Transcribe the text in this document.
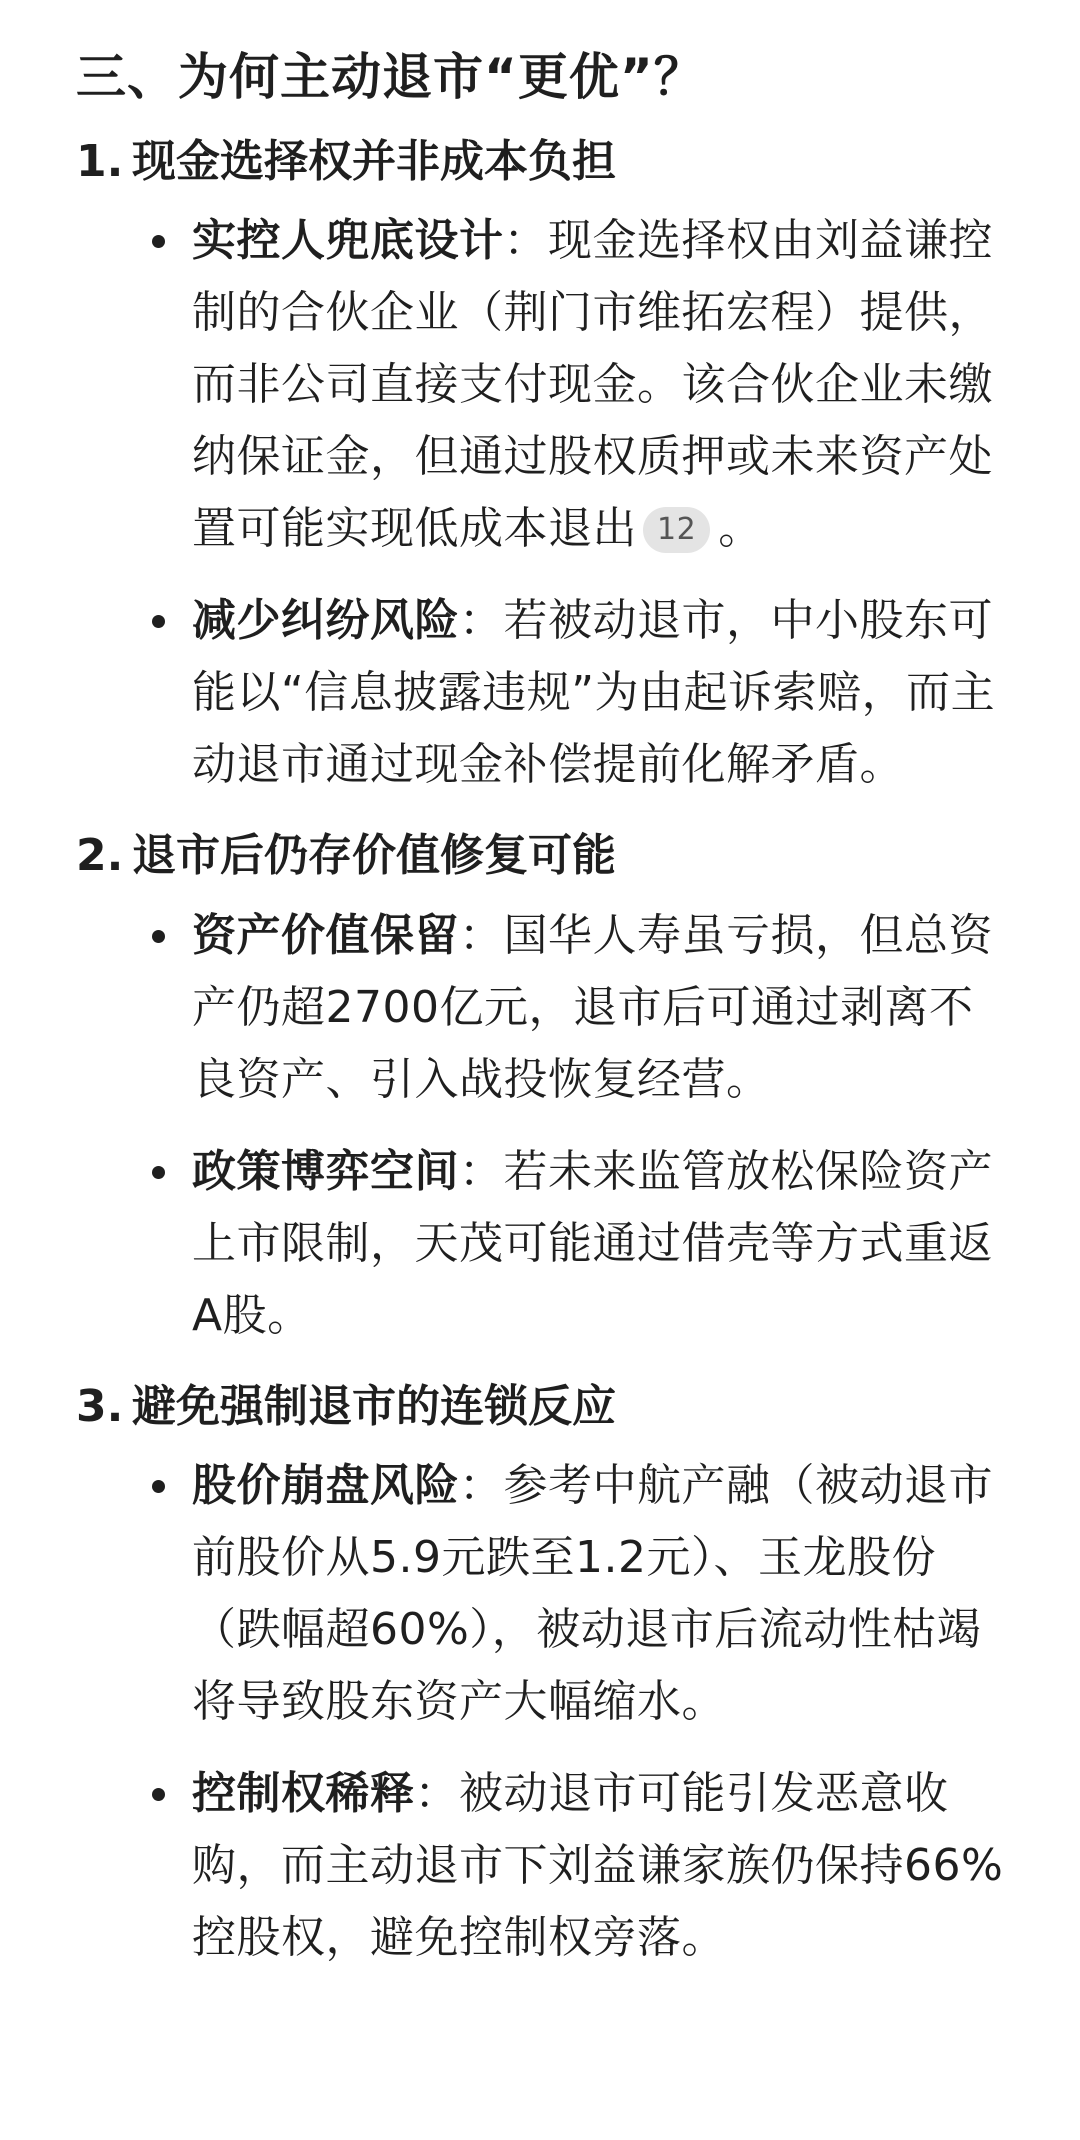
三、为何主动退市“更优”？
1. 现金选择权并非成本负担
实控人兜底设计：现金选择权由刘益谦控制的合伙企业（荆门市维拓宏程）提供，而非公司直接支付现金。该合伙企业未缴纳保证金，但通过股权质押或未来资产处置可能实现低成本退出 12 。
减少纠纷风险：若被动退市，中小股东可能以“信息披露违规”为由起诉索赔，而主动退市通过现金补偿提前化解矛盾。
2. 退市后仍存价值修复可能
资产价值保留：国华人寿虽亏损，但总资产仍超2700亿元，退市后可通过剥离不良资产、引入战投恢复经营。
政策博弈空间：若未来监管放松保险资产上市限制，天茂可能通过借壳等方式重返A股。
3. 避免强制退市的连锁反应
股价崩盘风险：参考中航产融（被动退市前股价从5.9元跌至1.2元）、玉龙股份（跌幅超60%），被动退市后流动性枯竭将导致股东资产大幅缩水。
控制权稀释：被动退市可能引发恶意收购，而主动退市下刘益谦家族仍保持66%控股权，避免控制权旁落。
